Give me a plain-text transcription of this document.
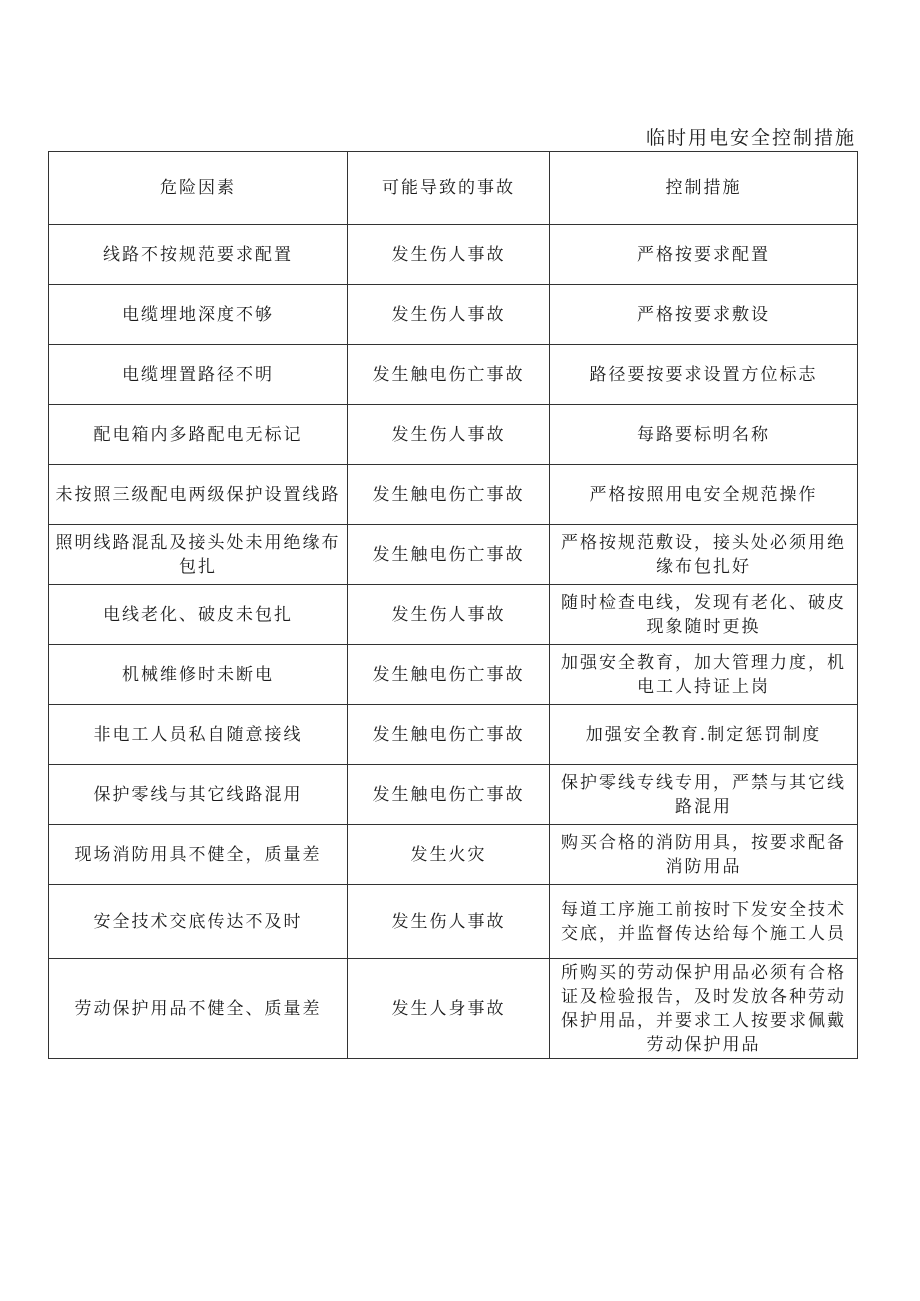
临时用电安全控制措施
危险因素	可能导致的事故	控制措施
线路不按规范要求配置	发生伤人事故	严格按要求配置
电缆埋地深度不够	发生伤人事故	严格按要求敷设
电缆埋置路径不明	发生触电伤亡事故	路径要按要求设置方位标志
配电箱内多路配电无标记	发生伤人事故	每路要标明名称
未按照三级配电两级保护设置线路	发生触电伤亡事故	严格按照用电安全规范操作
照明线路混乱及接头处未用绝缘布包扎	发生触电伤亡事故	严格按规范敷设，接头处必须用绝缘布包扎好
电线老化、破皮未包扎	发生伤人事故	随时检查电线，发现有老化、破皮现象随时更换
机械维修时未断电	发生触电伤亡事故	加强安全教育，加大管理力度，机电工人持证上岗
非电工人员私自随意接线	发生触电伤亡事故	加强安全教育.制定惩罚制度
保护零线与其它线路混用	发生触电伤亡事故	保护零线专线专用，严禁与其它线路混用
现场消防用具不健全，质量差	发生火灾	购买合格的消防用具，按要求配备消防用品
安全技术交底传达不及时	发生伤人事故	每道工序施工前按时下发安全技术交底，并监督传达给每个施工人员
劳动保护用品不健全、质量差	发生人身事故	所购买的劳动保护用品必须有合格证及检验报告，及时发放各种劳动保护用品，并要求工人按要求佩戴劳动保护用品
